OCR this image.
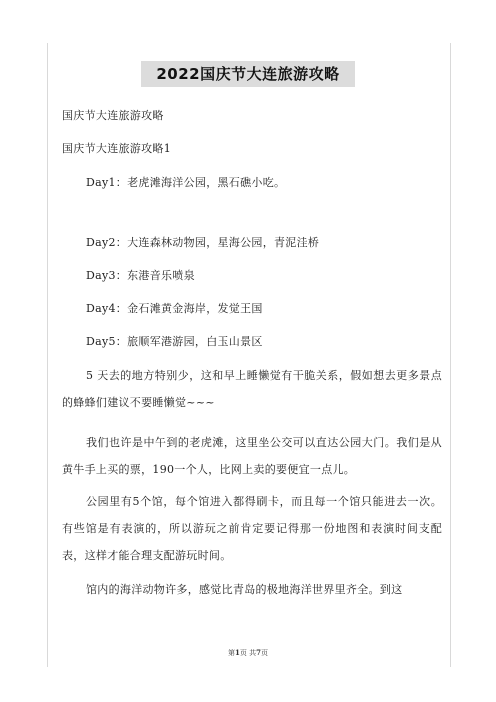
2022国庆节大连旅游攻略
国庆节大连旅游攻略
国庆节大连旅游攻略1
Day1：老虎滩海洋公园，黑石礁小吃。
Day2：大连森林动物园，星海公园，青泥洼桥
Day3：东港音乐喷泉
Day4：金石滩黄金海岸，发觉王国
Day5：旅顺军港游园，白玉山景区
5 天去的地方特别少，这和早上睡懒觉有干脆关系，假如想去更多景点的蜂蜂们建议不要睡懒觉~~~
我们也许是中午到的老虎滩，这里坐公交可以直达公园大门。我们是从黄牛手上买的票，190一个人，比网上卖的要便宜一点儿。
公园里有5个馆，每个馆进入都得刷卡，而且每一个馆只能进去一次。有些馆是有表演的，所以游玩之前肯定要记得那一份地图和表演时间支配表，这样才能合理支配游玩时间。
馆内的海洋动物许多，感觉比青岛的极地海洋世界里齐全。到这
第1页 共7页
